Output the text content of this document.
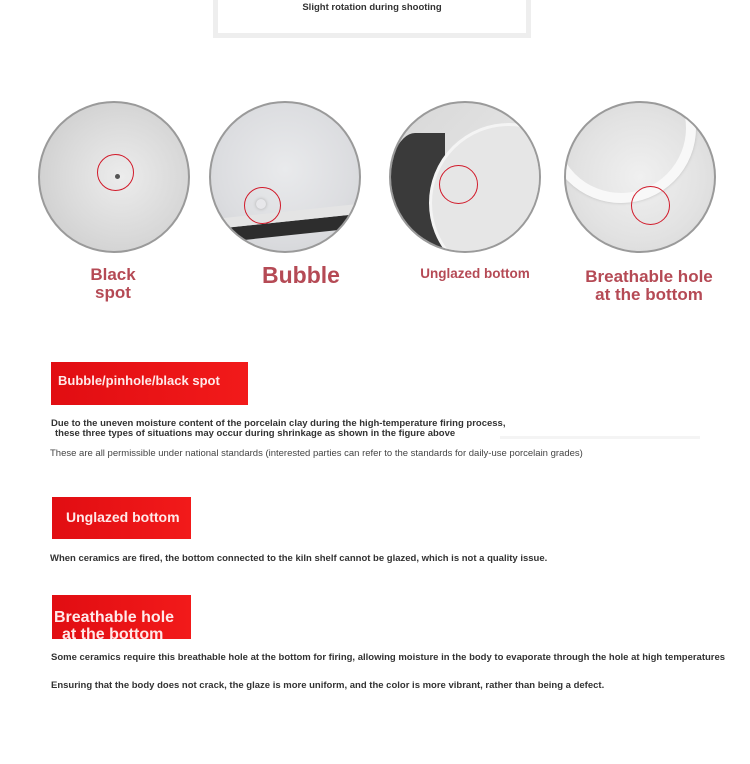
Slight rotation during shooting
Black
spot
Bubble	Unglazed bottom	Breathable hole
at the bottom
Bubble/pinhole/black spot
Due to the uneven moisture content of the porcelain clay during the high-temperature firing process,
these three types of situations may occur during shrinkage as shown in the figure above
These are all permissible under national standards (interested parties can refer to the standards for daily-use porcelain grades)
Unglazed bottom
When ceramics are fired, the bottom connected to the kiln shelf cannot be glazed, which is not a quality issue.
Breathable hole
at the bottom
Some ceramics require this breathable hole at the bottom for firing, allowing moisture in the body to evaporate through the hole at high temperatures
Ensuring that the body does not crack, the glaze is more uniform, and the color is more vibrant, rather than being a defect.
